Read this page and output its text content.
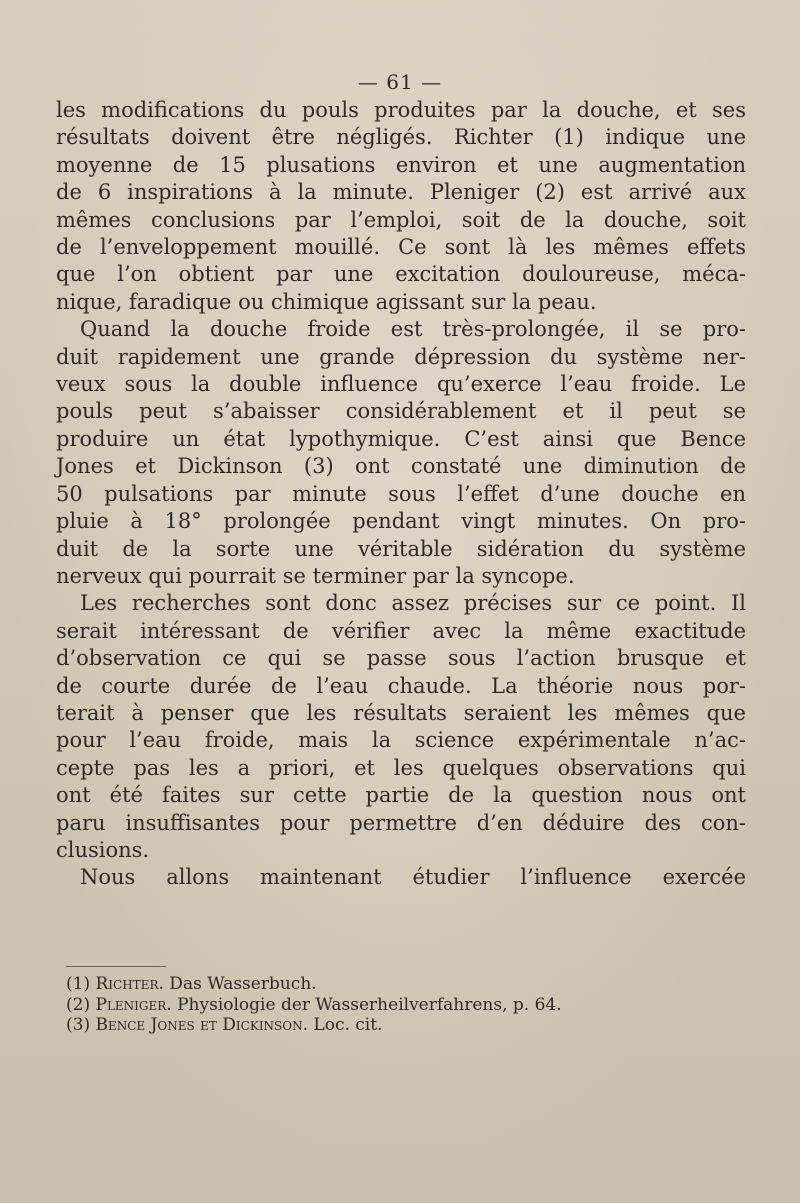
— 61 —

les modifications du pouls produites par la douche, et ses
résultats doivent être négligés. Richter (1) indique une
moyenne de 15 plusations environ et une augmentation
de 6 inspirations à la minute. Pleniger (2) est arrivé aux
mêmes conclusions par l’emploi, soit de la douche, soit
de l’enveloppement mouillé. Ce sont là les mêmes effets
que l’on obtient par une excitation douloureuse, méca-
nique, faradique ou chimique agissant sur la peau.

Quand la douche froide est très-prolongée, il se pro-
duit rapidement une grande dépression du système ner-
veux sous la double influence qu’exerce l’eau froide. Le
pouls peut s’abaisser considérablement et il peut se
produire un état lypothymique. C’est ainsi que Bence
Jones et Dickinson (3) ont constaté une diminution de
50 pulsations par minute sous l’effet d’une douche en
pluie à 18° prolongée pendant vingt minutes. On pro-
duit de la sorte une véritable sidération du système
nerveux qui pourrait se terminer par la syncope.

Les recherches sont donc assez précises sur ce point. Il
serait intéressant de vérifier avec la même exactitude
d’observation ce qui se passe sous l’action brusque et
de courte durée de l’eau chaude. La théorie nous por-
terait à penser que les résultats seraient les mêmes que
pour l’eau froide, mais la science expérimentale n’ac-
cepte pas les a priori, et les quelques observations qui
ont été faites sur cette partie de la question nous ont
paru insuffisantes pour permettre d’en déduire des con-
clusions.

Nous allons maintenant étudier l’influence exercée

(1) Richter. Das Wasserbuch.
(2) Pleniger. Physiologie der Wasserheilverfahrens, p. 64.
(3) Bence Jones et Dickinson. Loc. cit.
